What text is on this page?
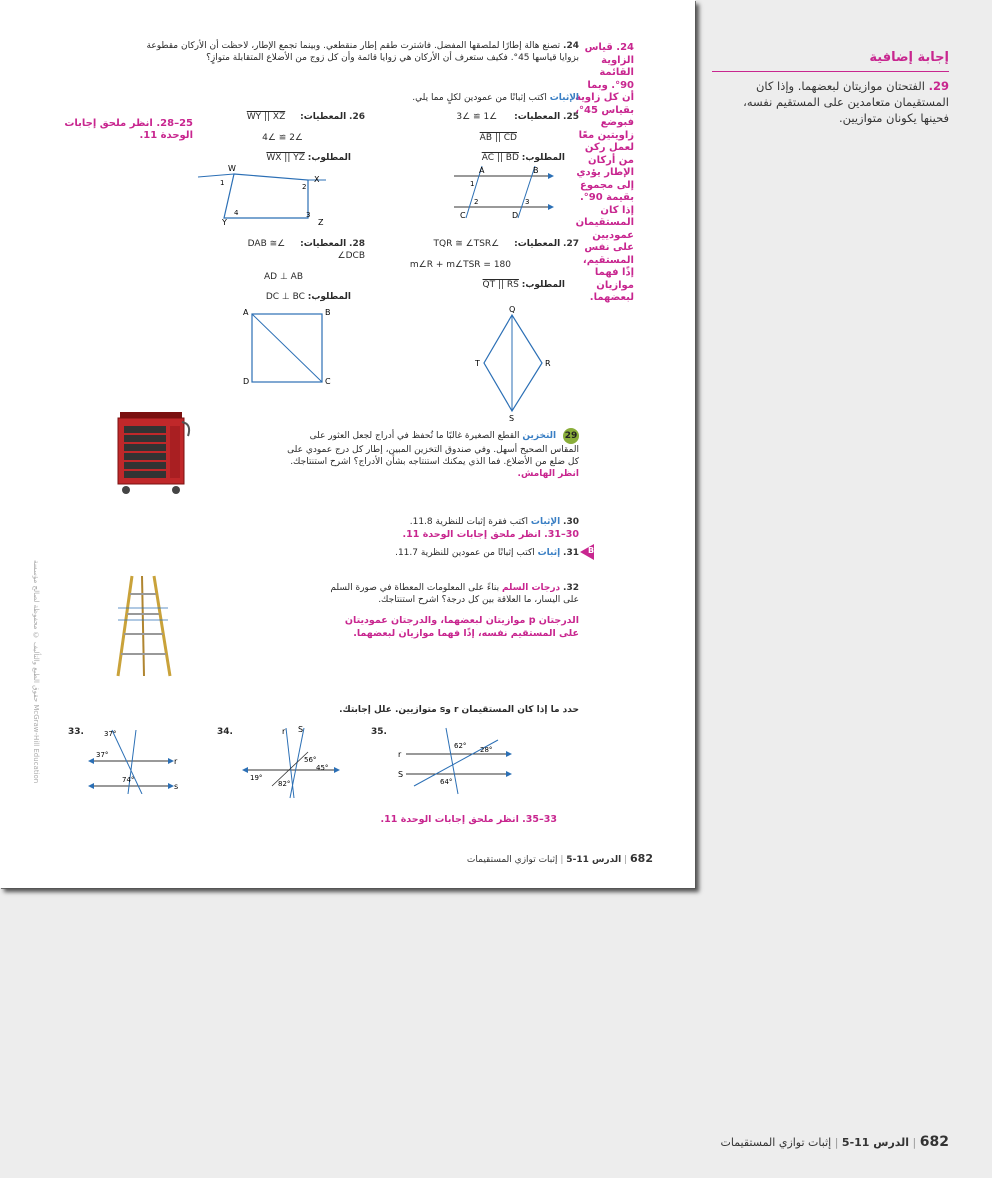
إجابة إضافية
29. الفتحتان موازيتان لبعضهما. وإذا كان المستقيمان متعامدين على المستقيم نفسه، فحينها يكونان متوازيين.
682 | الدرس 11-5 | إثبات توازي المستقيمات
حقوق الطبع والتأليف © محفوظة لصالح مؤسسة McGraw-Hill Education
24. تصنع هالة إطارًا لملصقها المفضل. فاشترت طقم إطار منقطعي. وبينما تجمع الإطار، لاحظت أن الأركان مقطوعة بزوايا قياسها 45°. فكيف ستعرف أن الأركان هي زوايا قائمة وأن كل زوج من الأضلاع المتقابلة متوازٍ؟
24. قياس الزاوية القائمة 90°. وبما أن كل زاوية بقياس 45°، فبوضع زاويتين معًا لعمل ركن من أركان الإطار يؤدي إلى مجموع بقيمة 90°. إذا كان المستقيمان عموديين على نفس المستقيم، إذًا فهما موازيان لبعضهما.
الإثبات اكتب إثباتًا من عمودين لكلٍ مما يلي.
25. المعطيات: ∠1 ≅ ∠3
AB || CD
المطلوب: AC || BD
26. المعطيات: WY || XZ
∠2 ≅ ∠4
المطلوب: WX || YZ
25–28. انظر ملحق إجابات الوحدة 11.
A	B
C	D
1
2	3
W
X
Y	Z
1	2
3
4
27. المعطيات: ∠TQR ≅ ∠TSR
m∠R + m∠TSR = 180
المطلوب: QT || RS
28. المعطيات: ∠DAB ≅ ∠DCB
AD ⊥ AB
المطلوب: DC ⊥ BC
Q
T	R
S
A	B
D	C
29 التخزين القطع الصغيرة غالبًا ما تُحفظ في أدراج لجعل العثور على المقاس الصحيح أسهل. وفي صندوق التخزين المبين، إطار كل درج عمودي على كل ضلع من الأضلاع. فما الذي يمكنك استنتاجه بشأن الأدراج؟ اشرح استنتاجك. انظر الهامش.
30. الإثبات اكتب فقرة إثبات للنظرية 11.8.
30–31. انظر ملحق إجابات الوحدة 11.
31. إثبات اكتب إثباتًا من عمودين للنظرية 11.7.	B
32. درجات السلم بناءً على المعلومات المعطاة في صورة السلم على اليسار، ما العلاقة بين كل درجة؟ اشرح استنتاجك.
الدرجتان p موازيتان لبعضهما، والدرجتان عموديتان على المستقيم نفسه، إذًا فهما موازيان لبعضهما.
حدد ما إذا كان المستقيمان r وs متوازيين. علل إجابتك.
33.	37°
37°
74°
r
s
34.	r S
56°
45°
19°
82°
35.
r
S
62° 28°
64°
33–35. انظر ملحق إجابات الوحدة 11.
682 | الدرس 11-5 | إثبات توازي المستقيمات
